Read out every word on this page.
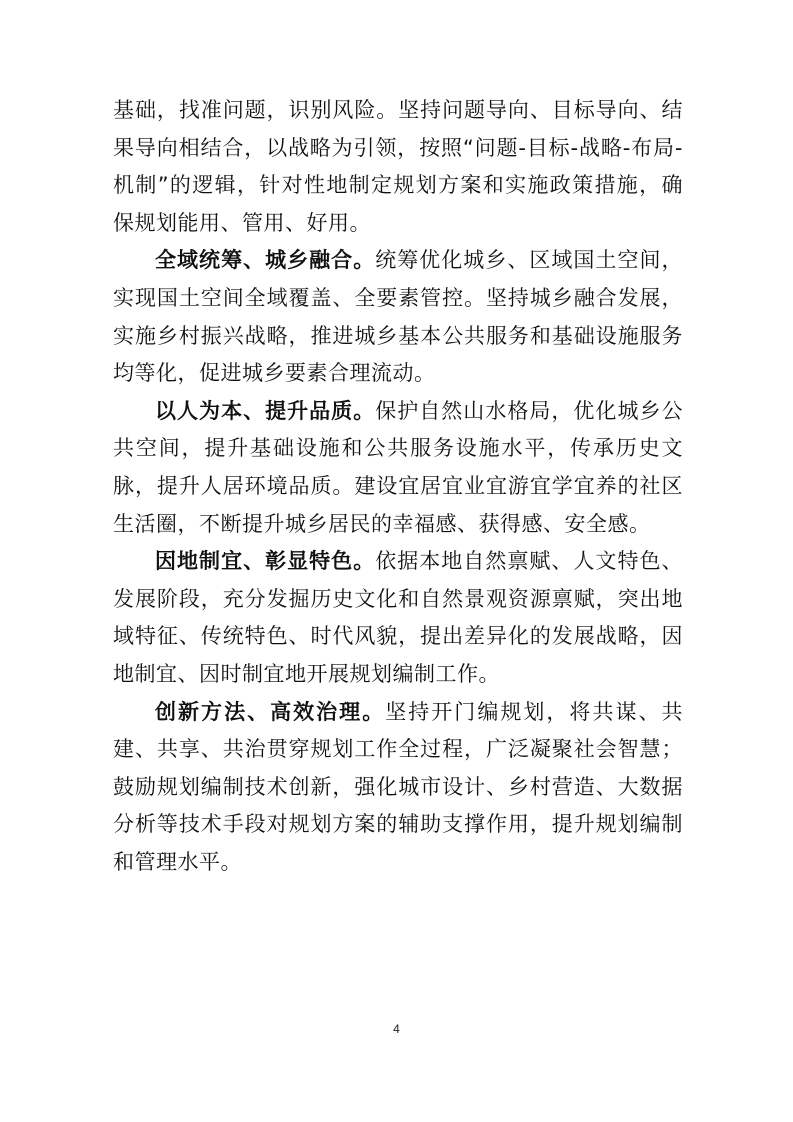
基础，找准问题，识别风险。坚持问题导向、目标导向、结果导向相结合，以战略为引领，按照“问题-目标-战略-布局-机制”的逻辑，针对性地制定规划方案和实施政策措施，确保规划能用、管用、好用。

全域统筹、城乡融合。统筹优化城乡、区域国土空间，实现国土空间全域覆盖、全要素管控。坚持城乡融合发展，实施乡村振兴战略，推进城乡基本公共服务和基础设施服务均等化，促进城乡要素合理流动。

以人为本、提升品质。保护自然山水格局，优化城乡公共空间，提升基础设施和公共服务设施水平，传承历史文脉，提升人居环境品质。建设宜居宜业宜游宜学宜养的社区生活圈，不断提升城乡居民的幸福感、获得感、安全感。

因地制宜、彰显特色。依据本地自然禀赋、人文特色、发展阶段，充分发掘历史文化和自然景观资源禀赋，突出地域特征、传统特色、时代风貌，提出差异化的发展战略，因地制宜、因时制宜地开展规划编制工作。

创新方法、高效治理。坚持开门编规划，将共谋、共建、共享、共治贯穿规划工作全过程，广泛凝聚社会智慧；鼓励规划编制技术创新，强化城市设计、乡村营造、大数据分析等技术手段对规划方案的辅助支撑作用，提升规划编制和管理水平。

4
